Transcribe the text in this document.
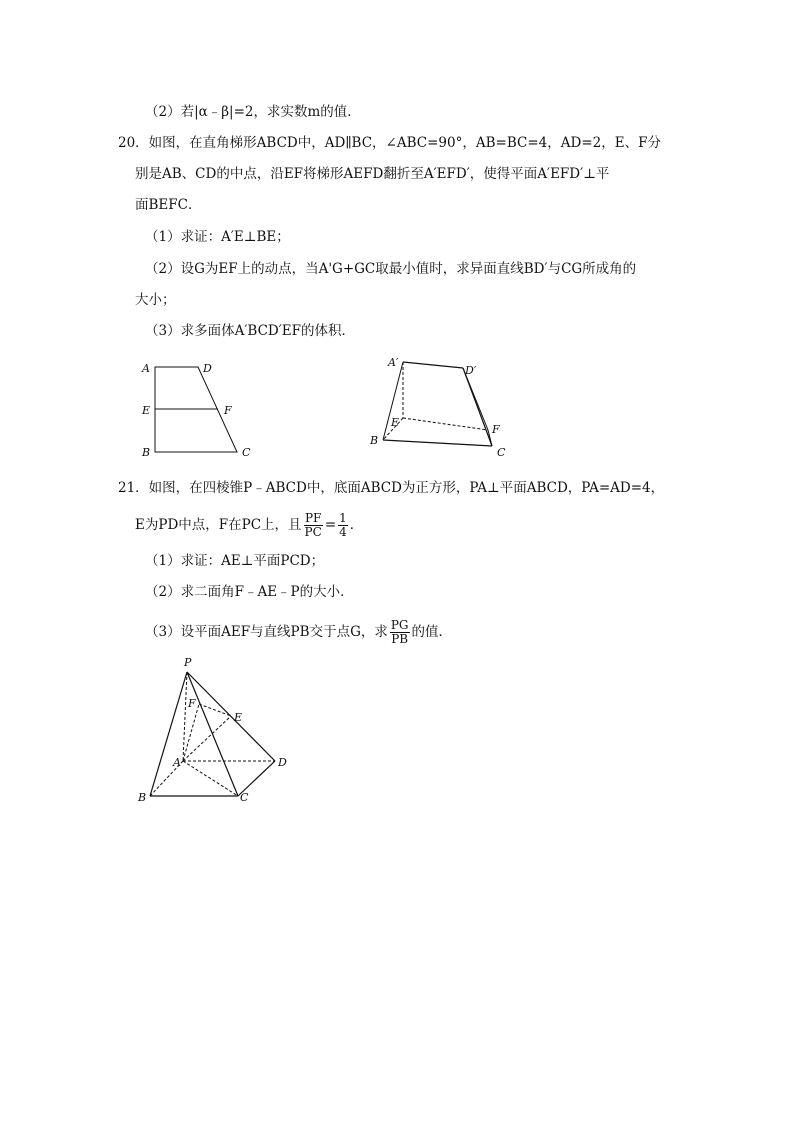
（2）若|α﹣β|=2，求实数m的值．
20．如图，在直角梯形ABCD中，AD∥BC，∠ABC=90°，AB=BC=4，AD=2，E、F分
别是AB、CD的中点，沿EF将梯形AEFD翻折至A′EFD′，使得平面A′EFD′⊥平
面BEFC．
（1）求证：A′E⊥BE；
（2）设G为EF上的动点，当A'G+GC取最小值时，求异面直线BD′与CG所成角的
大小；
（3）求多面体A′BCD′EF的体积．
A	D
E	F
B	C
A′
D′
E
F
B
C
21．如图，在四棱锥P﹣ABCD中，底面ABCD为正方形，PA⊥平面ABCD，PA=AD=4，
E为PD中点，F在PC上，且 $\frac{PF}{PC} = \frac{1}{4}$ ．
（1）求证：AE⊥平面PCD；
（2）求二面角F﹣AE﹣P的大小．
（3）设平面AEF与直线PB交于点G，求 $\frac{PG}{PB}$ 的值．
P
F
E
A	D
B	C
